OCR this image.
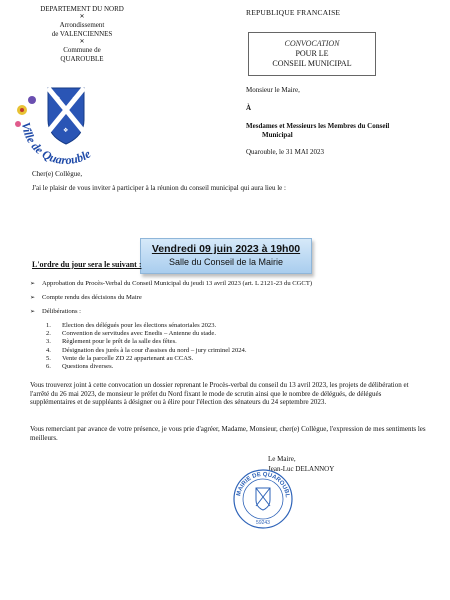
DEPARTEMENT DU NORD
✕
Arrondissement
de VALENCIENNES
✕
Commune de
QUAROUBLE
❖ ❖
❖
Ville de Quarouble
REPUBLIQUE FRANCAISE
CONVOCATION
POUR LE
CONSEIL MUNICIPAL
Monsieur le Maire,
À
Mesdames et Messieurs les Membres du Conseil
Municipal
Quarouble, le 31 MAI 2023
Cher(e) Collègue,
J'ai le plaisir de vous inviter à participer à la réunion du conseil municipal qui aura lieu le :
Vendredi 09 juin 2023 à 19h00
Salle du Conseil de la Mairie
L'ordre du jour sera le suivant :
➢ Approbation du Procès-Verbal du Conseil Municipal du jeudi 13 avril 2023 (art. L 2121-23 du CGCT)
➢ Compte rendu des décisions du Maire
➢ Délibérations :
1. Election des délégués pour les élections sénatoriales 2023.
2. Convention de servitudes avec Enedis – Antenne du stade.
3. Règlement pour le prêt de la salle des fêtes.
4. Désignation des jurés à la cour d'assises du nord – jury criminel 2024.
5. Vente de la parcelle ZD 22 appartenant au CCAS.
6. Questions diverses.
Vous trouverez joint à cette convocation un dossier reprenant le Procès-verbal du conseil du 13 avril 2023, les projets de délibération et l'arrêté du 26 mai 2023, de monsieur le préfet du Nord fixant le mode de scrutin ainsi que le nombre de délégués, de délégués supplémentaires et de suppléants à désigner ou à élire pour l'élection des sénateurs du 24 septembre 2023.
Vous remerciant par avance de votre présence, je vous prie d'agréer, Madame, Monsieur, cher(e) Collègue, l'expression de mes sentiments les meilleurs.
Le Maire,
Jean-Luc DELANNOY
MAIRIE DE QUAROUBL
59243
